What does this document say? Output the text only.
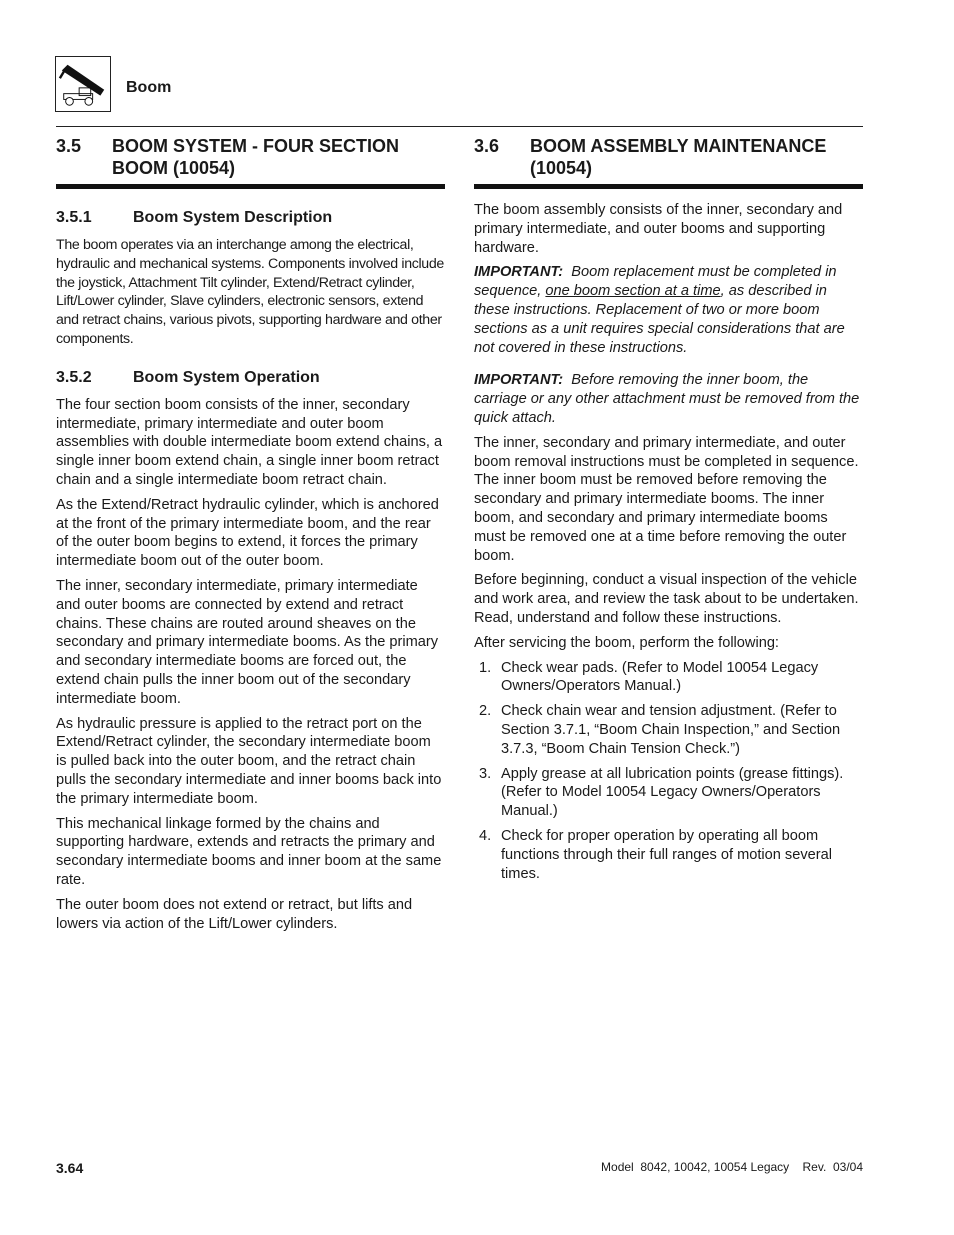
Boom
3.5	BOOM SYSTEM - FOUR SECTION BOOM (10054)
3.5.1	Boom System Description

The boom operates via an interchange among the electrical, hydraulic and mechanical systems. Components involved include the joystick, Attachment Tilt cylinder, Extend/Retract cylinder, Lift/Lower cylinder, Slave cylinders, electronic sensors, extend and retract chains, various pivots, supporting hardware and other components.

3.5.2	Boom System Operation

The four section boom consists of the inner, secondary intermediate, primary intermediate and outer boom assemblies with double intermediate boom extend chains, a single inner boom extend chain, a single inner boom retract chain and a single intermediate boom retract chain.

As the Extend/Retract hydraulic cylinder, which is anchored at the front of the primary intermediate boom, and the rear of the outer boom begins to extend, it forces the primary intermediate boom out of the outer boom.

The inner, secondary intermediate, primary intermediate and outer booms are connected by extend and retract chains. These chains are routed around sheaves on the secondary and primary intermediate booms. As the primary and secondary intermediate booms are forced out, the extend chain pulls the inner boom out of the secondary intermediate boom.

As hydraulic pressure is applied to the retract port on the Extend/Retract cylinder, the secondary intermediate boom is pulled back into the outer boom, and the retract chain pulls the secondary intermediate and inner booms back into the primary intermediate boom.

This mechanical linkage formed by the chains and supporting hardware, extends and retracts the primary and secondary intermediate booms and inner boom at the same rate.

The outer boom does not extend or retract, but lifts and lowers via action of the Lift/Lower cylinders.

3.6	BOOM ASSEMBLY MAINTENANCE (10054)

The boom assembly consists of the inner, secondary and primary intermediate, and outer booms and supporting hardware.

IMPORTANT: Boom replacement must be completed in sequence, one boom section at a time, as described in these instructions. Replacement of two or more boom sections as a unit requires special considerations that are not covered in these instructions.

IMPORTANT: Before removing the inner boom, the carriage or any other attachment must be removed from the quick attach.

The inner, secondary and primary intermediate, and outer boom removal instructions must be completed in sequence. The inner boom must be removed before removing the secondary and primary intermediate booms. The inner boom, and secondary and primary intermediate booms must be removed one at a time before removing the outer boom.

Before beginning, conduct a visual inspection of the vehicle and work area, and review the task about to be undertaken. Read, understand and follow these instructions.

After servicing the boom, perform the following:

1. Check wear pads. (Refer to Model 10054 Legacy Owners/Operators Manual.)
2. Check chain wear and tension adjustment. (Refer to Section 3.7.1, “Boom Chain Inspection,” and Section 3.7.3, “Boom Chain Tension Check.”)
3. Apply grease at all lubrication points (grease fittings). (Refer to Model 10054 Legacy Owners/Operators Manual.)
4. Check for proper operation by operating all boom functions through their full ranges of motion several times.
3.64	Model  8042, 10042, 10054 Legacy    Rev.  03/04
